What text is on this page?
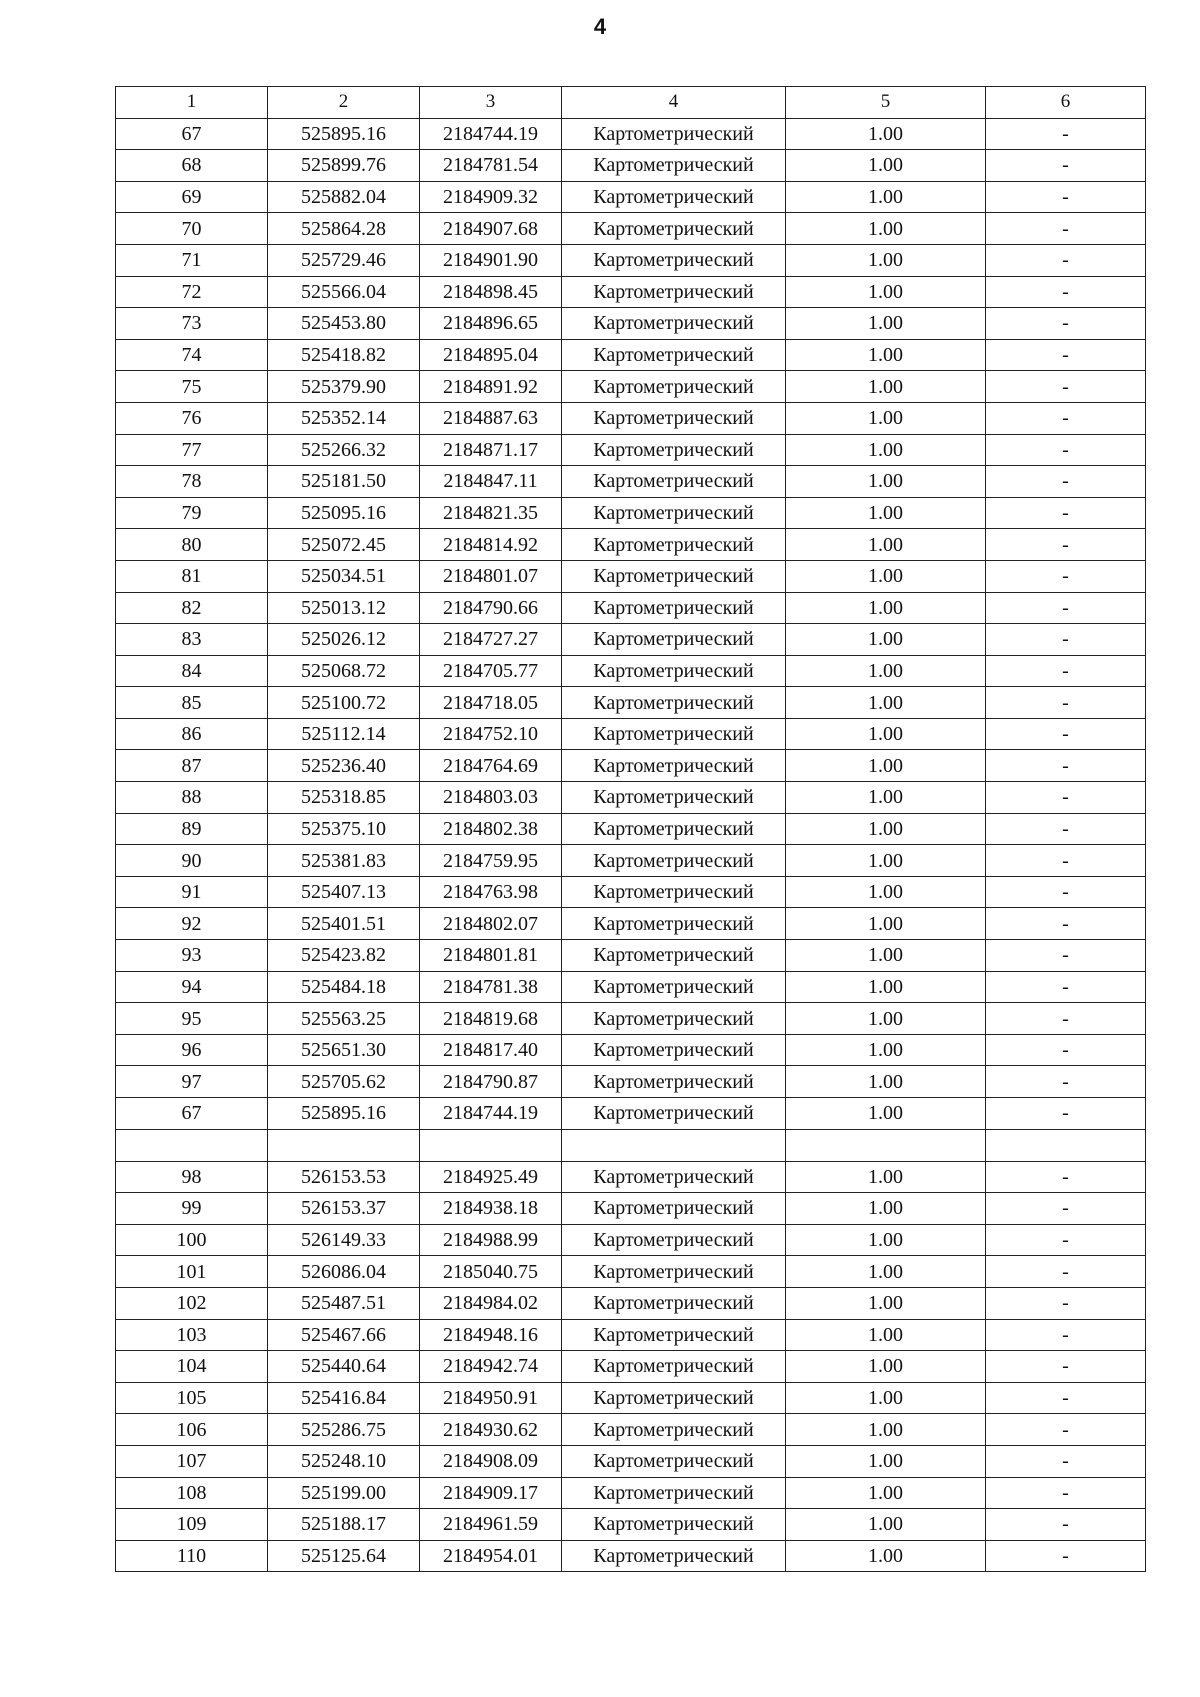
4
1	2	3	4	5	6
67	525895.16	2184744.19	Картометрический	1.00	-
68	525899.76	2184781.54	Картометрический	1.00	-
69	525882.04	2184909.32	Картометрический	1.00	-
70	525864.28	2184907.68	Картометрический	1.00	-
71	525729.46	2184901.90	Картометрический	1.00	-
72	525566.04	2184898.45	Картометрический	1.00	-
73	525453.80	2184896.65	Картометрический	1.00	-
74	525418.82	2184895.04	Картометрический	1.00	-
75	525379.90	2184891.92	Картометрический	1.00	-
76	525352.14	2184887.63	Картометрический	1.00	-
77	525266.32	2184871.17	Картометрический	1.00	-
78	525181.50	2184847.11	Картометрический	1.00	-
79	525095.16	2184821.35	Картометрический	1.00	-
80	525072.45	2184814.92	Картометрический	1.00	-
81	525034.51	2184801.07	Картометрический	1.00	-
82	525013.12	2184790.66	Картометрический	1.00	-
83	525026.12	2184727.27	Картометрический	1.00	-
84	525068.72	2184705.77	Картометрический	1.00	-
85	525100.72	2184718.05	Картометрический	1.00	-
86	525112.14	2184752.10	Картометрический	1.00	-
87	525236.40	2184764.69	Картометрический	1.00	-
88	525318.85	2184803.03	Картометрический	1.00	-
89	525375.10	2184802.38	Картометрический	1.00	-
90	525381.83	2184759.95	Картометрический	1.00	-
91	525407.13	2184763.98	Картометрический	1.00	-
92	525401.51	2184802.07	Картометрический	1.00	-
93	525423.82	2184801.81	Картометрический	1.00	-
94	525484.18	2184781.38	Картометрический	1.00	-
95	525563.25	2184819.68	Картометрический	1.00	-
96	525651.30	2184817.40	Картометрический	1.00	-
97	525705.62	2184790.87	Картометрический	1.00	-
67	525895.16	2184744.19	Картометрический	1.00	-

98	526153.53	2184925.49	Картометрический	1.00	-
99	526153.37	2184938.18	Картометрический	1.00	-
100	526149.33	2184988.99	Картометрический	1.00	-
101	526086.04	2185040.75	Картометрический	1.00	-
102	525487.51	2184984.02	Картометрический	1.00	-
103	525467.66	2184948.16	Картометрический	1.00	-
104	525440.64	2184942.74	Картометрический	1.00	-
105	525416.84	2184950.91	Картометрический	1.00	-
106	525286.75	2184930.62	Картометрический	1.00	-
107	525248.10	2184908.09	Картометрический	1.00	-
108	525199.00	2184909.17	Картометрический	1.00	-
109	525188.17	2184961.59	Картометрический	1.00	-
110	525125.64	2184954.01	Картометрический	1.00	-
